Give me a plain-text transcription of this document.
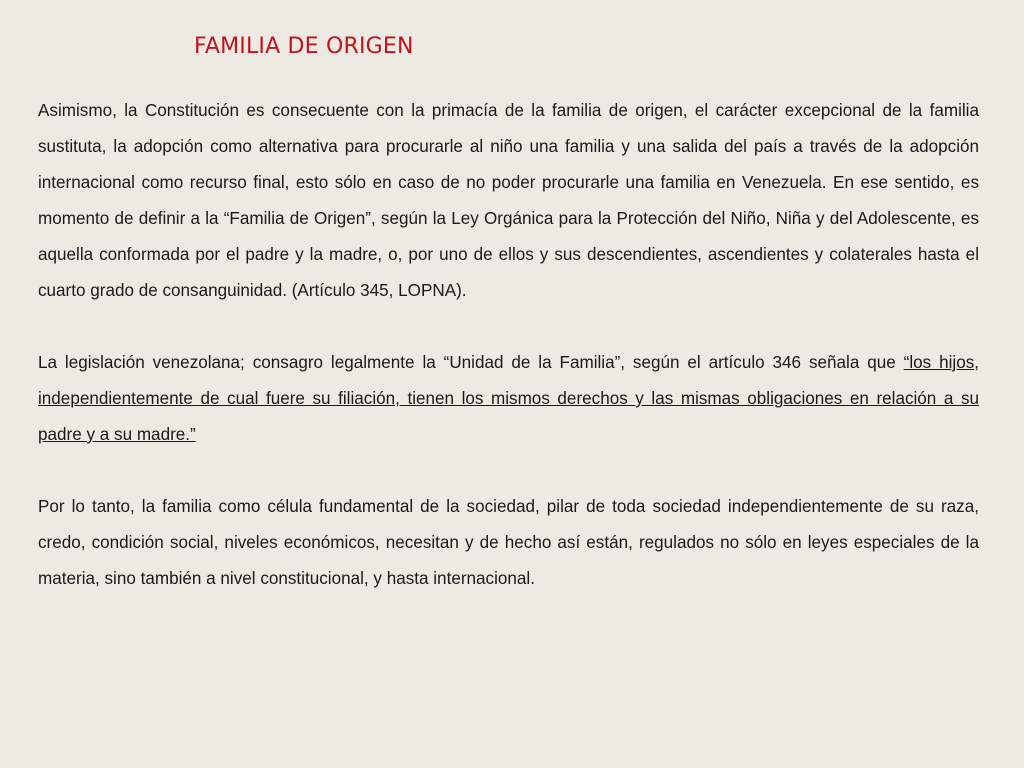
FAMILIA DE ORIGEN

Asimismo, la Constitución es consecuente con la primacía de la familia de origen, el carácter excepcional de la familia sustituta, la adopción como alternativa para procurarle al niño una familia y una salida del país a través de la adopción internacional como recurso final, esto sólo en caso de no poder procurarle una familia en Venezuela. En ese sentido, es momento de definir a la “Familia de Origen”, según la Ley Orgánica para la Protección del Niño, Niña y del Adolescente, es aquella conformada por el padre y la madre, o, por uno de ellos y sus descendientes, ascendientes y colaterales hasta el cuarto grado de consanguinidad. (Artículo 345, LOPNA).

La legislación venezolana; consagro legalmente la “Unidad de la Familia”, según el artículo 346 señala que “los hijos, independientemente de cual fuere su filiación, tienen los mismos derechos y las mismas obligaciones en relación a su padre y a su madre.”

Por lo tanto, la familia como célula fundamental de la sociedad, pilar de toda sociedad independientemente de su raza, credo, condición social, niveles económicos, necesitan y de hecho así están, regulados no sólo en leyes especiales de la materia, sino también a nivel constitucional, y hasta internacional.
